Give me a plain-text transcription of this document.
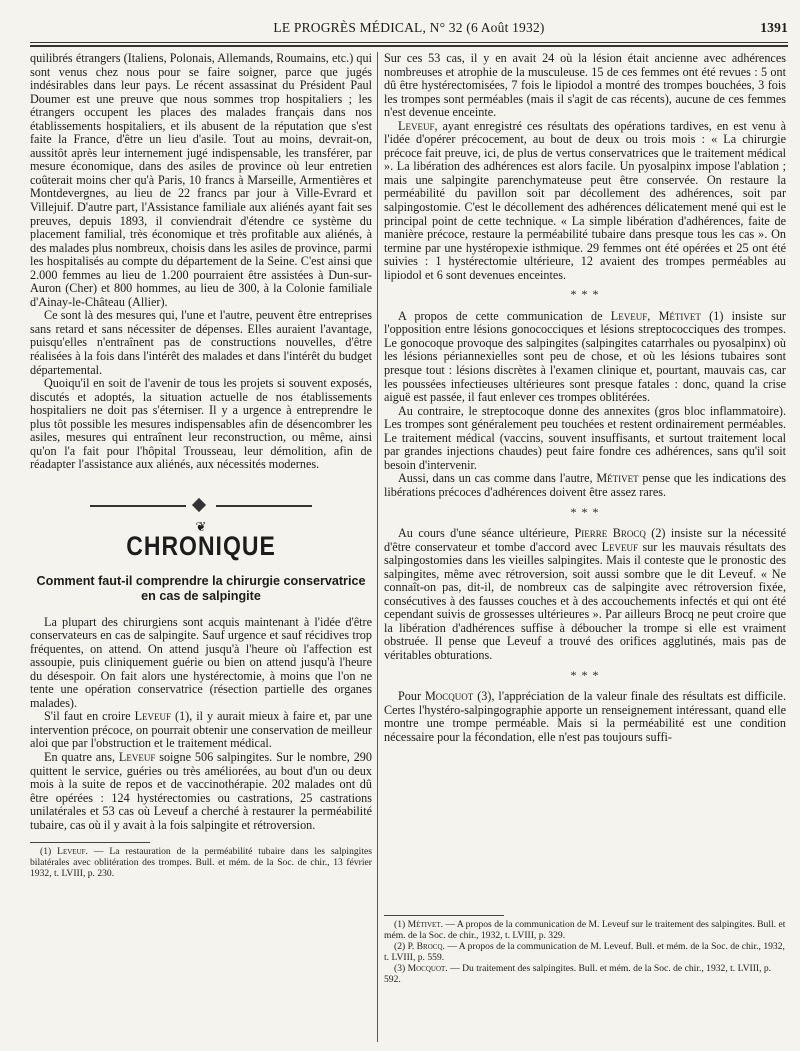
LE PROGRÈS MÉDICAL, N° 32 (6 Août 1932)	1391

quilibrés étrangers (Italiens, Polonais, Allemands, Roumains, etc.) qui sont venus chez nous pour se faire soigner, parce que jugés indésirables dans leur pays. Le récent assassinat du Président Paul Doumer est une preuve que nous sommes trop hospitaliers ; les étrangers occupent les places des malades français dans nos établissements hospitaliers, et ils abusent de la réputation que s'est faite la France, d'être un lieu d'asile. Tout au moins, devrait-on, aussitôt après leur internement jugé indispensable, les transférer, par mesure économique, dans des asiles de province où leur entretien coûterait moins cher qu'à Paris, 10 francs à Marseille, Armentières et Montdevergnes, au lieu de 22 francs par jour à Ville-Evrard et Villejuif. D'autre part, l'Assistance familiale aux aliénés ayant fait ses preuves, depuis 1893, il conviendrait d'étendre ce système du placement familial, très économique et très profitable aux aliénés, à des malades plus nombreux, choisis dans les asiles de province, parmi les hospitalisés au compte du département de la Seine. C'est ainsi que 2.000 femmes au lieu de 1.200 pourraient être assistées à Dun-sur-Auron (Cher) et 800 hommes, au lieu de 300, à la Colonie familiale d'Ainay-le-Château (Allier).

Ce sont là des mesures qui, l'une et l'autre, peuvent être entreprises sans retard et sans nécessiter de dépenses. Elles auraient l'avantage, puisqu'elles n'entraînent pas de constructions nouvelles, d'être réalisées à la fois dans l'intérêt des malades et dans l'intérêt du budget départemental.

Quoiqu'il en soit de l'avenir de tous les projets si souvent exposés, discutés et adoptés, la situation actuelle de nos établissements hospitaliers ne doit pas s'éterniser. Il y a urgence à entreprendre le plus tôt possible les mesures indispensables afin de désencombrer les asiles, mesures qui entraînent leur reconstruction, ou même, ainsi qu'on l'a fait pour l'hôpital Trousseau, leur démolition, afin de réadapter l'assistance aux aliénés, aux nécessités modernes.

❦
CHRONIQUE
Comment faut-il comprendre la chirurgie conservatrice en cas de salpingite

La plupart des chirurgiens sont acquis maintenant à l'idée d'être conservateurs en cas de salpingite. Sauf urgence et sauf récidives trop fréquentes, on attend. On attend jusqu'à l'heure où l'affection est assoupie, puis cliniquement guérie ou bien on attend jusqu'à l'heure du désespoir. On fait alors une hystérectomie, à moins que l'on ne tente une opération conservatrice (résection partielle des organes malades).

S'il faut en croire Leveuf (1), il y aurait mieux à faire et, par une intervention précoce, on pourrait obtenir une conservation de meilleur aloi que par l'obstruction et le traitement médical.

En quatre ans, Leveuf soigne 506 salpingites. Sur le nombre, 290 quittent le service, guéries ou très améliorées, au bout d'un ou deux mois à la suite de repos et de vaccinothérapie. 202 malades ont dû être opérées : 124 hystérectomies ou castrations, 25 castrations unilatérales et 53 cas où Leveuf a cherché à restaurer la perméabilité tubaire, cas où il y avait à la fois salpingite et rétroversion.

(1) Leveuf. — La restauration de la perméabilité tubaire dans les salpingites bilatérales avec oblitération des trompes. Bull. et mém. de la Soc. de chir., 13 février 1932, t. LVIII, p. 230.

Sur ces 53 cas, il y en avait 24 où la lésion était ancienne avec adhérences nombreuses et atrophie de la musculeuse. 15 de ces femmes ont été revues : 5 ont dû être hystérectomisées, 7 fois le lipiodol a montré des trompes bouchées, 3 fois les trompes sont perméables (mais il s'agit de cas récents), aucune de ces femmes n'est devenue enceinte.

Leveuf, ayant enregistré ces résultats des opérations tardives, en est venu à l'idée d'opérer précocement, au bout de deux ou trois mois : « La chirurgie précoce fait preuve, ici, de plus de vertus conservatrices que le traitement médical ». La libération des adhérences est alors facile. Un pyosalpinx impose l'ablation ; mais une salpingite parenchymateuse peut être conservée. On restaure la perméabilité du pavillon soit par décollement des adhérences, soit par salpingostomie. C'est le décollement des adhérences délicatement mené qui est le principal point de cette technique. « La simple libération d'adhérences, faite de manière précoce, restaure la perméabilité tubaire dans presque tous les cas ». On termine par une hystéropexie isthmique. 29 femmes ont été opérées et 25 ont été suivies : 1 hystérectomie ultérieure, 12 avaient des trompes perméables au lipiodol et 6 sont devenues enceintes.

* * *

A propos de cette communication de Leveuf, Métivet (1) insiste sur l'opposition entre lésions gonococciques et lésions streptococciques des trompes. Le gonocoque provoque des salpingites (salpingites catarrhales ou pyosalpinx) où les lésions périannexielles sont peu de chose, et où les lésions tubaires sont presque tout : lésions discrètes à l'examen clinique et, pourtant, mauvais cas, car les poussées infectieuses ultérieures sont presque fatales : donc, quand la crise aiguë est passée, il faut enlever ces trompes oblitérées.

Au contraire, le streptocoque donne des annexites (gros bloc inflammatoire). Les trompes sont généralement peu touchées et restent ordinairement perméables. Le traitement médical (vaccins, souvent insuffisants, et surtout traitement local par grandes injections chaudes) peut faire fondre ces adhérences, sans qu'il soit besoin d'intervenir.

Aussi, dans un cas comme dans l'autre, Métivet pense que les indications des libérations précoces d'adhérences doivent être assez rares.

* * *

Au cours d'une séance ultérieure, Pierre Brocq (2) insiste sur la nécessité d'être conservateur et tombe d'accord avec Leveuf sur les mauvais résultats des salpingostomies dans les vieilles salpingites. Mais il conteste que le pronostic des salpingites, même avec rétroversion, soit aussi sombre que le dit Leveuf. « Ne connaît-on pas, dit-il, de nombreux cas de salpingite avec rétroversion fixée, consécutives à des fausses couches et à des accouchements infectés et qui ont été cependant suivis de grossesses ultérieures ». Par ailleurs Brocq ne peut croire que la libération d'adhérences suffise à déboucher la trompe si elle est vraiment obstruée. Il pense que Leveuf a trouvé des orifices agglutinés, mais pas de véritables obturations.

* * *

Pour Mocquot (3), l'appréciation de la valeur finale des résultats est difficile. Certes l'hystéro-salpingographie apporte un renseignement intéressant, quand elle montre une trompe perméable. Mais si la perméabilité est une condition nécessaire pour la fécondation, elle n'est pas toujours suffi-

(1) Métivet. — A propos de la communication de M. Leveuf sur le traitement des salpingites. Bull. et mém. de la Soc. de chir., 1932, t. LVIII, p. 329.

(2) P. Brocq. — A propos de la communication de M. Leveuf. Bull. et mém. de la Soc. de chir., 1932, t. LVIII, p. 559.

(3) Mocquot. — Du traitement des salpingites. Bull. et mém. de la Soc. de chir., 1932, t. LVIII, p. 592.
